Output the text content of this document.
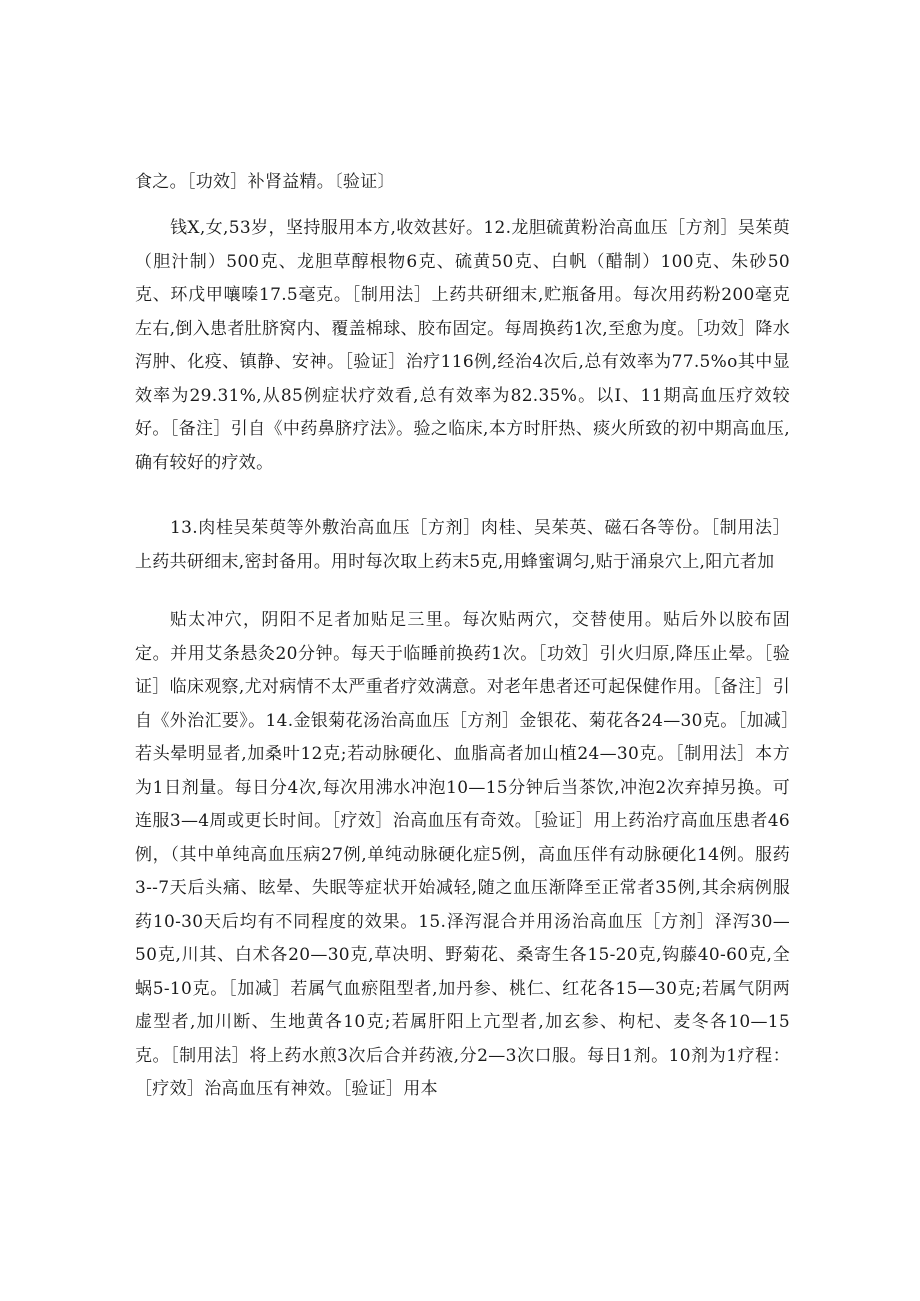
食之。［功效］补肾益精。〔验证〕

钱X,女,53岁，坚持服用本方,收效甚好。12.龙胆硫黄粉治高血压［方剂］吴茱萸（胆汁制）500克、龙胆草醇根物6克、硫黄50克、白帆（醋制）100克、朱砂50克、环戊甲嚷嗪17.5毫克。［制用法］上药共研细末,贮瓶备用。每次用药粉200毫克左右,倒入患者肚脐窝内、覆盖棉球、胶布固定。每周换药1次,至愈为度。［功效］降水泻肿、化疫、镇静、安神。［验证］治疗116例,经治4次后,总有效率为77.5%o其中显效率为29.31%,从85例症状疗效看,总有效率为82.35%。以I、11期高血压疗效较好。［备注］引自《中药鼻脐疗法》。验之临床,本方时肝热、痰火所致的初中期高血压,确有较好的疗效。

13.肉桂吴茱萸等外敷治高血压［方剂］肉桂、吴茱英、磁石各等份。［制用法］上药共研细末,密封备用。用时每次取上药末5克,用蜂蜜调匀,贴于涌泉穴上,阳亢者加

贴太冲穴，阴阳不足者加贴足三里。每次贴两穴，交替使用。贴后外以胶布固定。并用艾条悬灸20分钟。每天于临睡前换药1次。［功效］引火归原,降压止晕。［验证］临床观察,尤对病情不太严重者疗效满意。对老年患者还可起保健作用。［备注］引自《外治汇要》。14.金银菊花汤治高血压［方剂］金银花、菊花各24—30克。［加减］若头晕明显者,加桑叶12克;若动脉硬化、血脂高者加山植24—30克。［制用法］本方为1日剂量。每日分4次,每次用沸水冲泡10—15分钟后当茶饮,冲泡2次弃掉另换。可连服3—4周或更长时间。［疗效］治高血压有奇效。［验证］用上药治疗高血压患者46例，（其中单纯高血压病27例,单纯动脉硬化症5例，高血压伴有动脉硬化14例。服药3--7天后头痛、眩晕、失眠等症状开始减轻,随之血压渐降至正常者35例,其余病例服药10-30天后均有不同程度的效果。15.泽泻混合并用汤治高血压［方剂］泽泻30—50克,川其、白术各20—30克,草决明、野菊花、桑寄生各15-20克,钩藤40-60克,全蜗5-10克。［加减］若属气血瘀阻型者,加丹参、桃仁、红花各15—30克;若属气阴两虚型者,加川断、生地黄各10克;若属肝阳上亢型者,加玄参、枸杞、麦冬各10—15克。［制用法］将上药水煎3次后合并药液,分2—3次口服。每日1剂。10剂为1疗程：［疗效］治高血压有神效。［验证］用本
